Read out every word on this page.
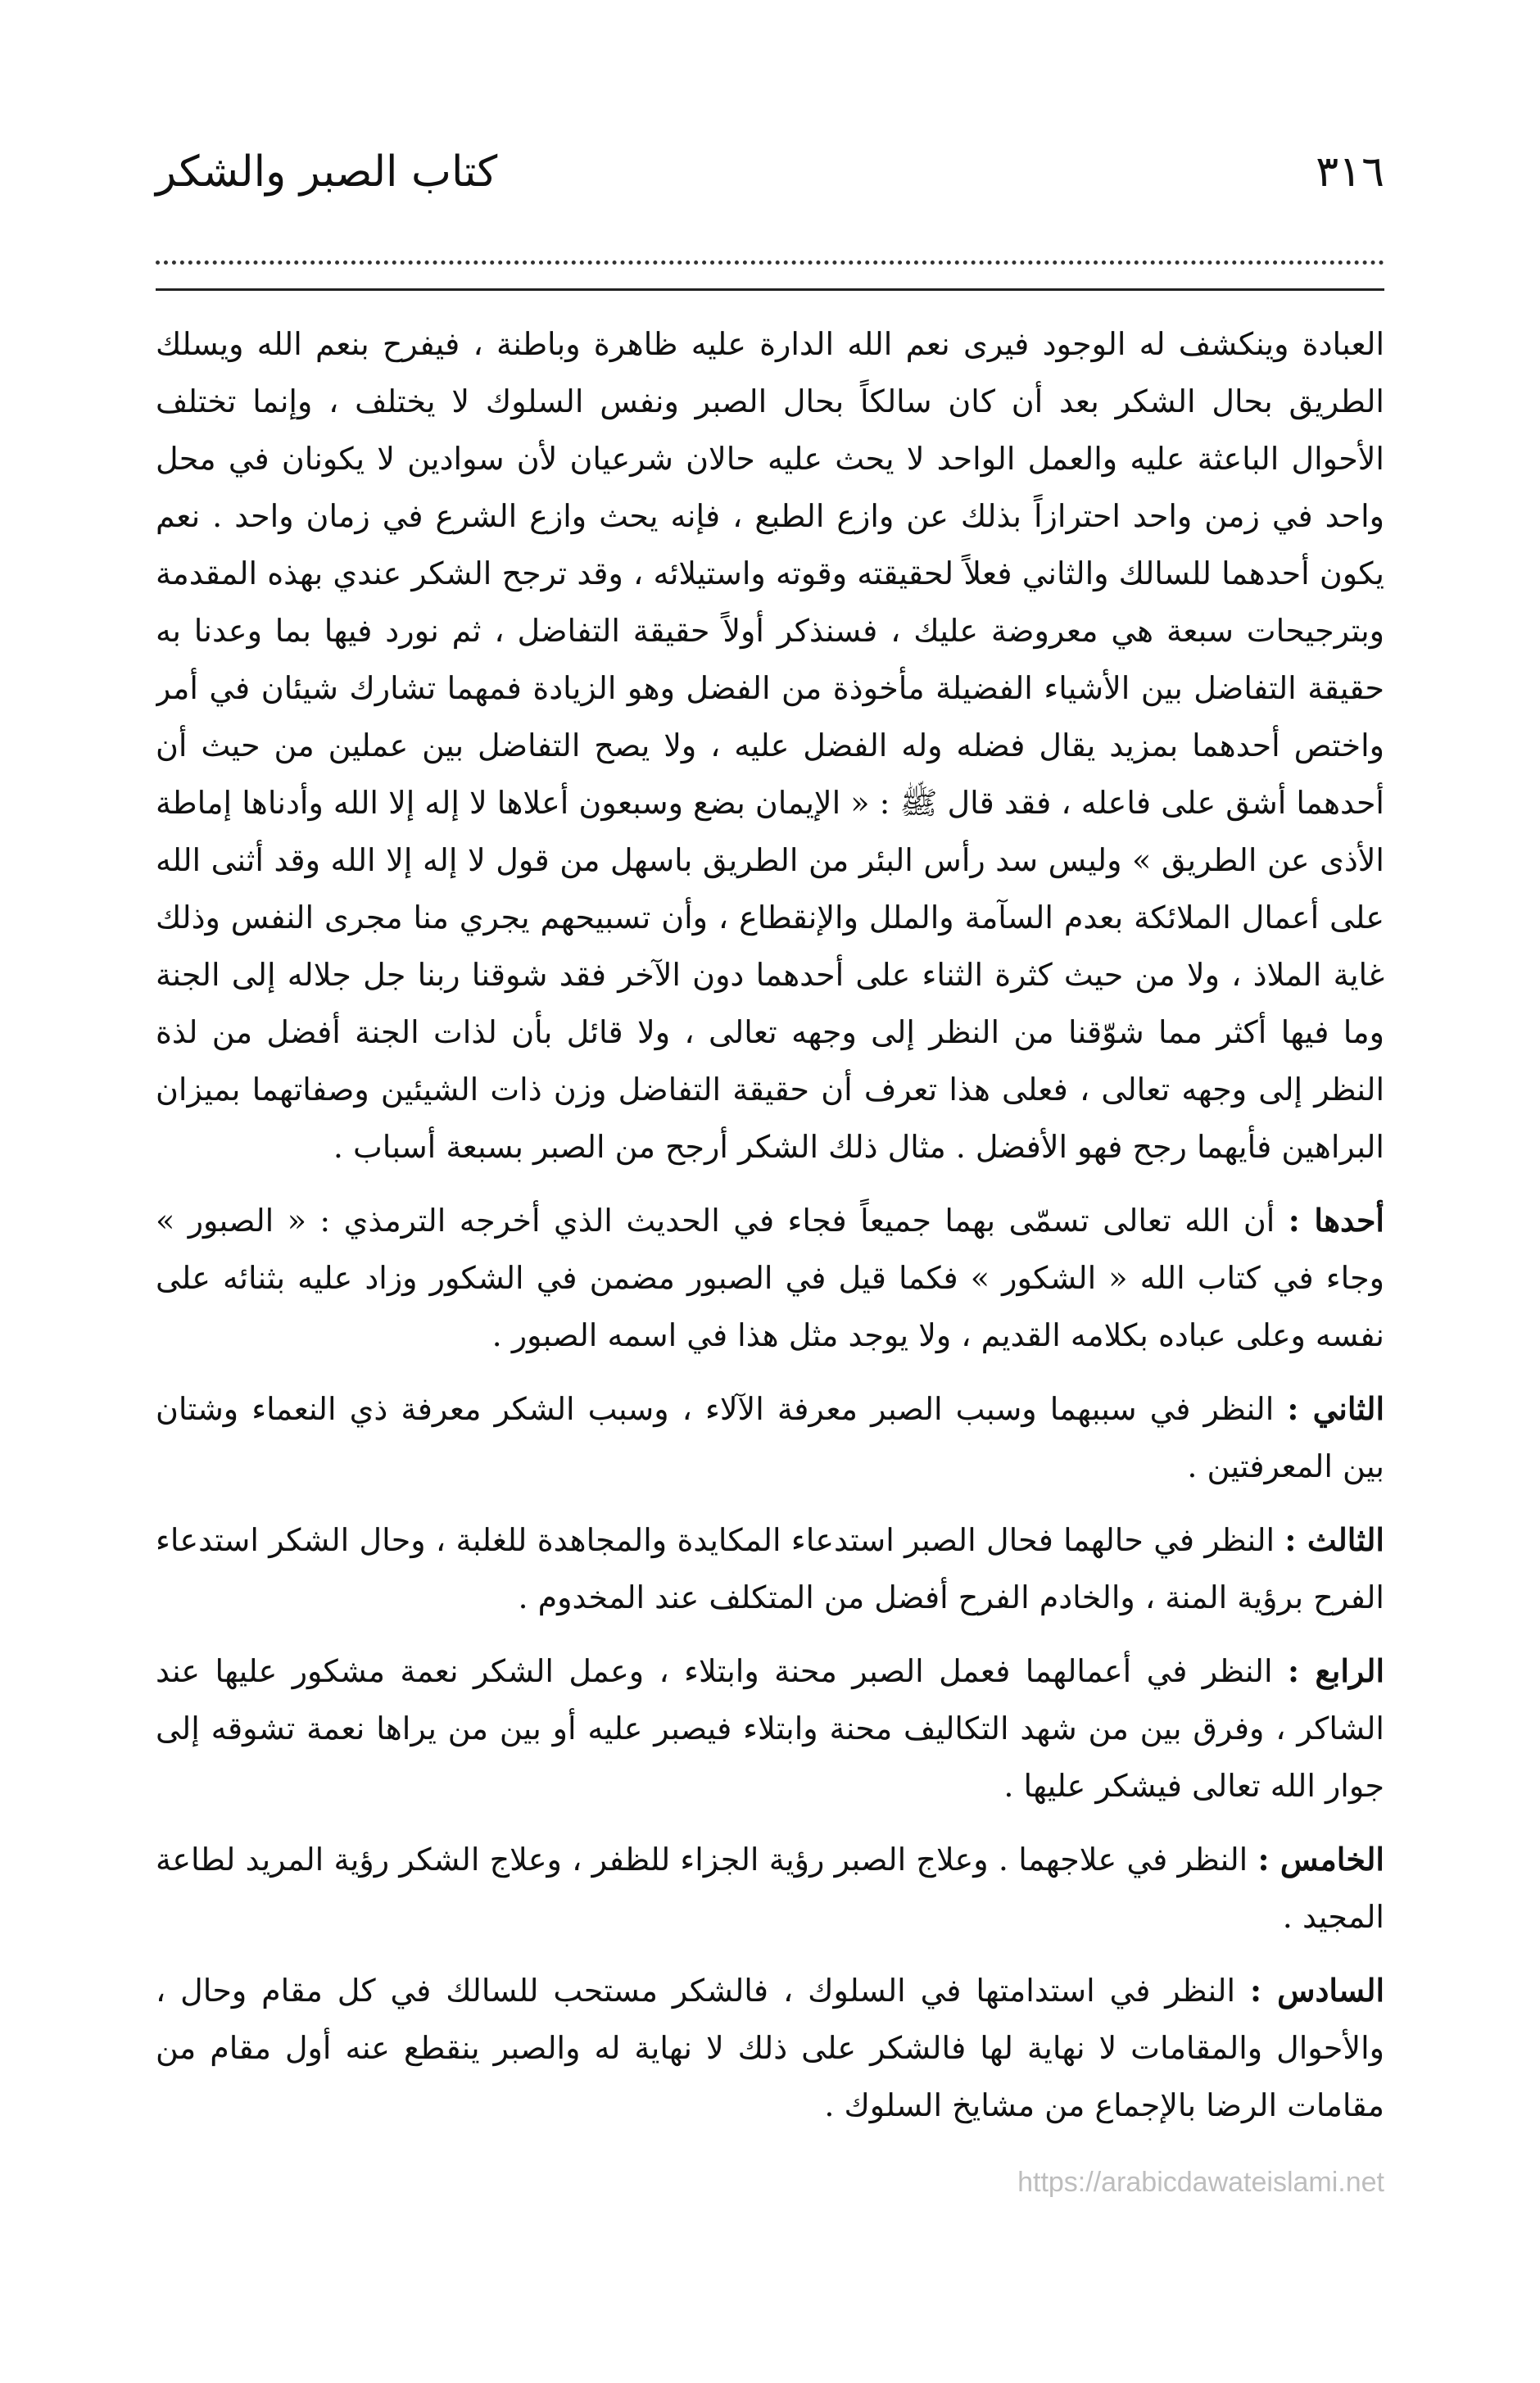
٣١٦
كتاب الصبر والشكر

العبادة وينكشف له الوجود فيرى نعم الله الدارة عليه ظاهرة وباطنة ، فيفرح بنعم الله ويسلك الطريق بحال الشكر بعد أن كان سالكاً بحال الصبر ونفس السلوك لا يختلف ، وإنما تختلف الأحوال الباعثة عليه والعمل الواحد لا يحث عليه حالان شرعيان لأن سوادين لا يكونان في محل واحد في زمن واحد احترازاً بذلك عن وازع الطبع ، فإنه يحث وازع الشرع في زمان واحد . نعم يكون أحدهما للسالك والثاني فعلاً لحقيقته وقوته واستيلائه ، وقد ترجح الشكر عندي بهذه المقدمة وبترجيحات سبعة هي معروضة عليك ، فسنذكر أولاً حقيقة التفاضل ، ثم نورد فيها بما وعدنا به حقيقة التفاضل بين الأشياء الفضيلة مأخوذة من الفضل وهو الزيادة فمهما تشارك شيئان في أمر واختص أحدهما بمزيد يقال فضله وله الفضل عليه ، ولا يصح التفاضل بين عملين من حيث أن أحدهما أشق على فاعله ، فقد قال ﷺ : « الإيمان بضع وسبعون أعلاها لا إله إلا الله وأدناها إماطة الأذى عن الطريق » وليس سد رأس البئر من الطريق باسهل من قول لا إله إلا الله وقد أثنى الله على أعمال الملائكة بعدم السآمة والملل والإنقطاع ، وأن تسبيحهم يجري منا مجرى النفس وذلك غاية الملاذ ، ولا من حيث كثرة الثناء على أحدهما دون الآخر فقد شوقنا ربنا جل جلاله إلى الجنة وما فيها أكثر مما شوّقنا من النظر إلى وجهه تعالى ، ولا قائل بأن لذات الجنة أفضل من لذة النظر إلى وجهه تعالى ، فعلى هذا تعرف أن حقيقة التفاضل وزن ذات الشيئين وصفاتهما بميزان البراهين فأيهما رجح فهو الأفضل . مثال ذلك الشكر أرجح من الصبر بسبعة أسباب .

أحدها : أن الله تعالى تسمّى بهما جميعاً فجاء في الحديث الذي أخرجه الترمذي : « الصبور » وجاء في كتاب الله « الشكور » فكما قيل في الصبور مضمن في الشكور وزاد عليه بثنائه على نفسه وعلى عباده بكلامه القديم ، ولا يوجد مثل هذا في اسمه الصبور .

الثاني : النظر في سببهما وسبب الصبر معرفة الآلاء ، وسبب الشكر معرفة ذي النعماء وشتان بين المعرفتين .

الثالث : النظر في حالهما فحال الصبر استدعاء المكايدة والمجاهدة للغلبة ، وحال الشكر استدعاء الفرح برؤية المنة ، والخادم الفرح أفضل من المتكلف عند المخدوم .

الرابع : النظر في أعمالهما فعمل الصبر محنة وابتلاء ، وعمل الشكر نعمة مشكور عليها عند الشاكر ، وفرق بين من شهد التكاليف محنة وابتلاء فيصبر عليه أو بين من يراها نعمة تشوقه إلى جوار الله تعالى فيشكر عليها .

الخامس : النظر في علاجهما . وعلاج الصبر رؤية الجزاء للظفر ، وعلاج الشكر رؤية المريد لطاعة المجيد .

السادس : النظر في استدامتها في السلوك ، فالشكر مستحب للسالك في كل مقام وحال ، والأحوال والمقامات لا نهاية لها فالشكر على ذلك لا نهاية له والصبر ينقطع عنه أول مقام من مقامات الرضا بالإجماع من مشايخ السلوك .

https://arabicdawateislami.net
